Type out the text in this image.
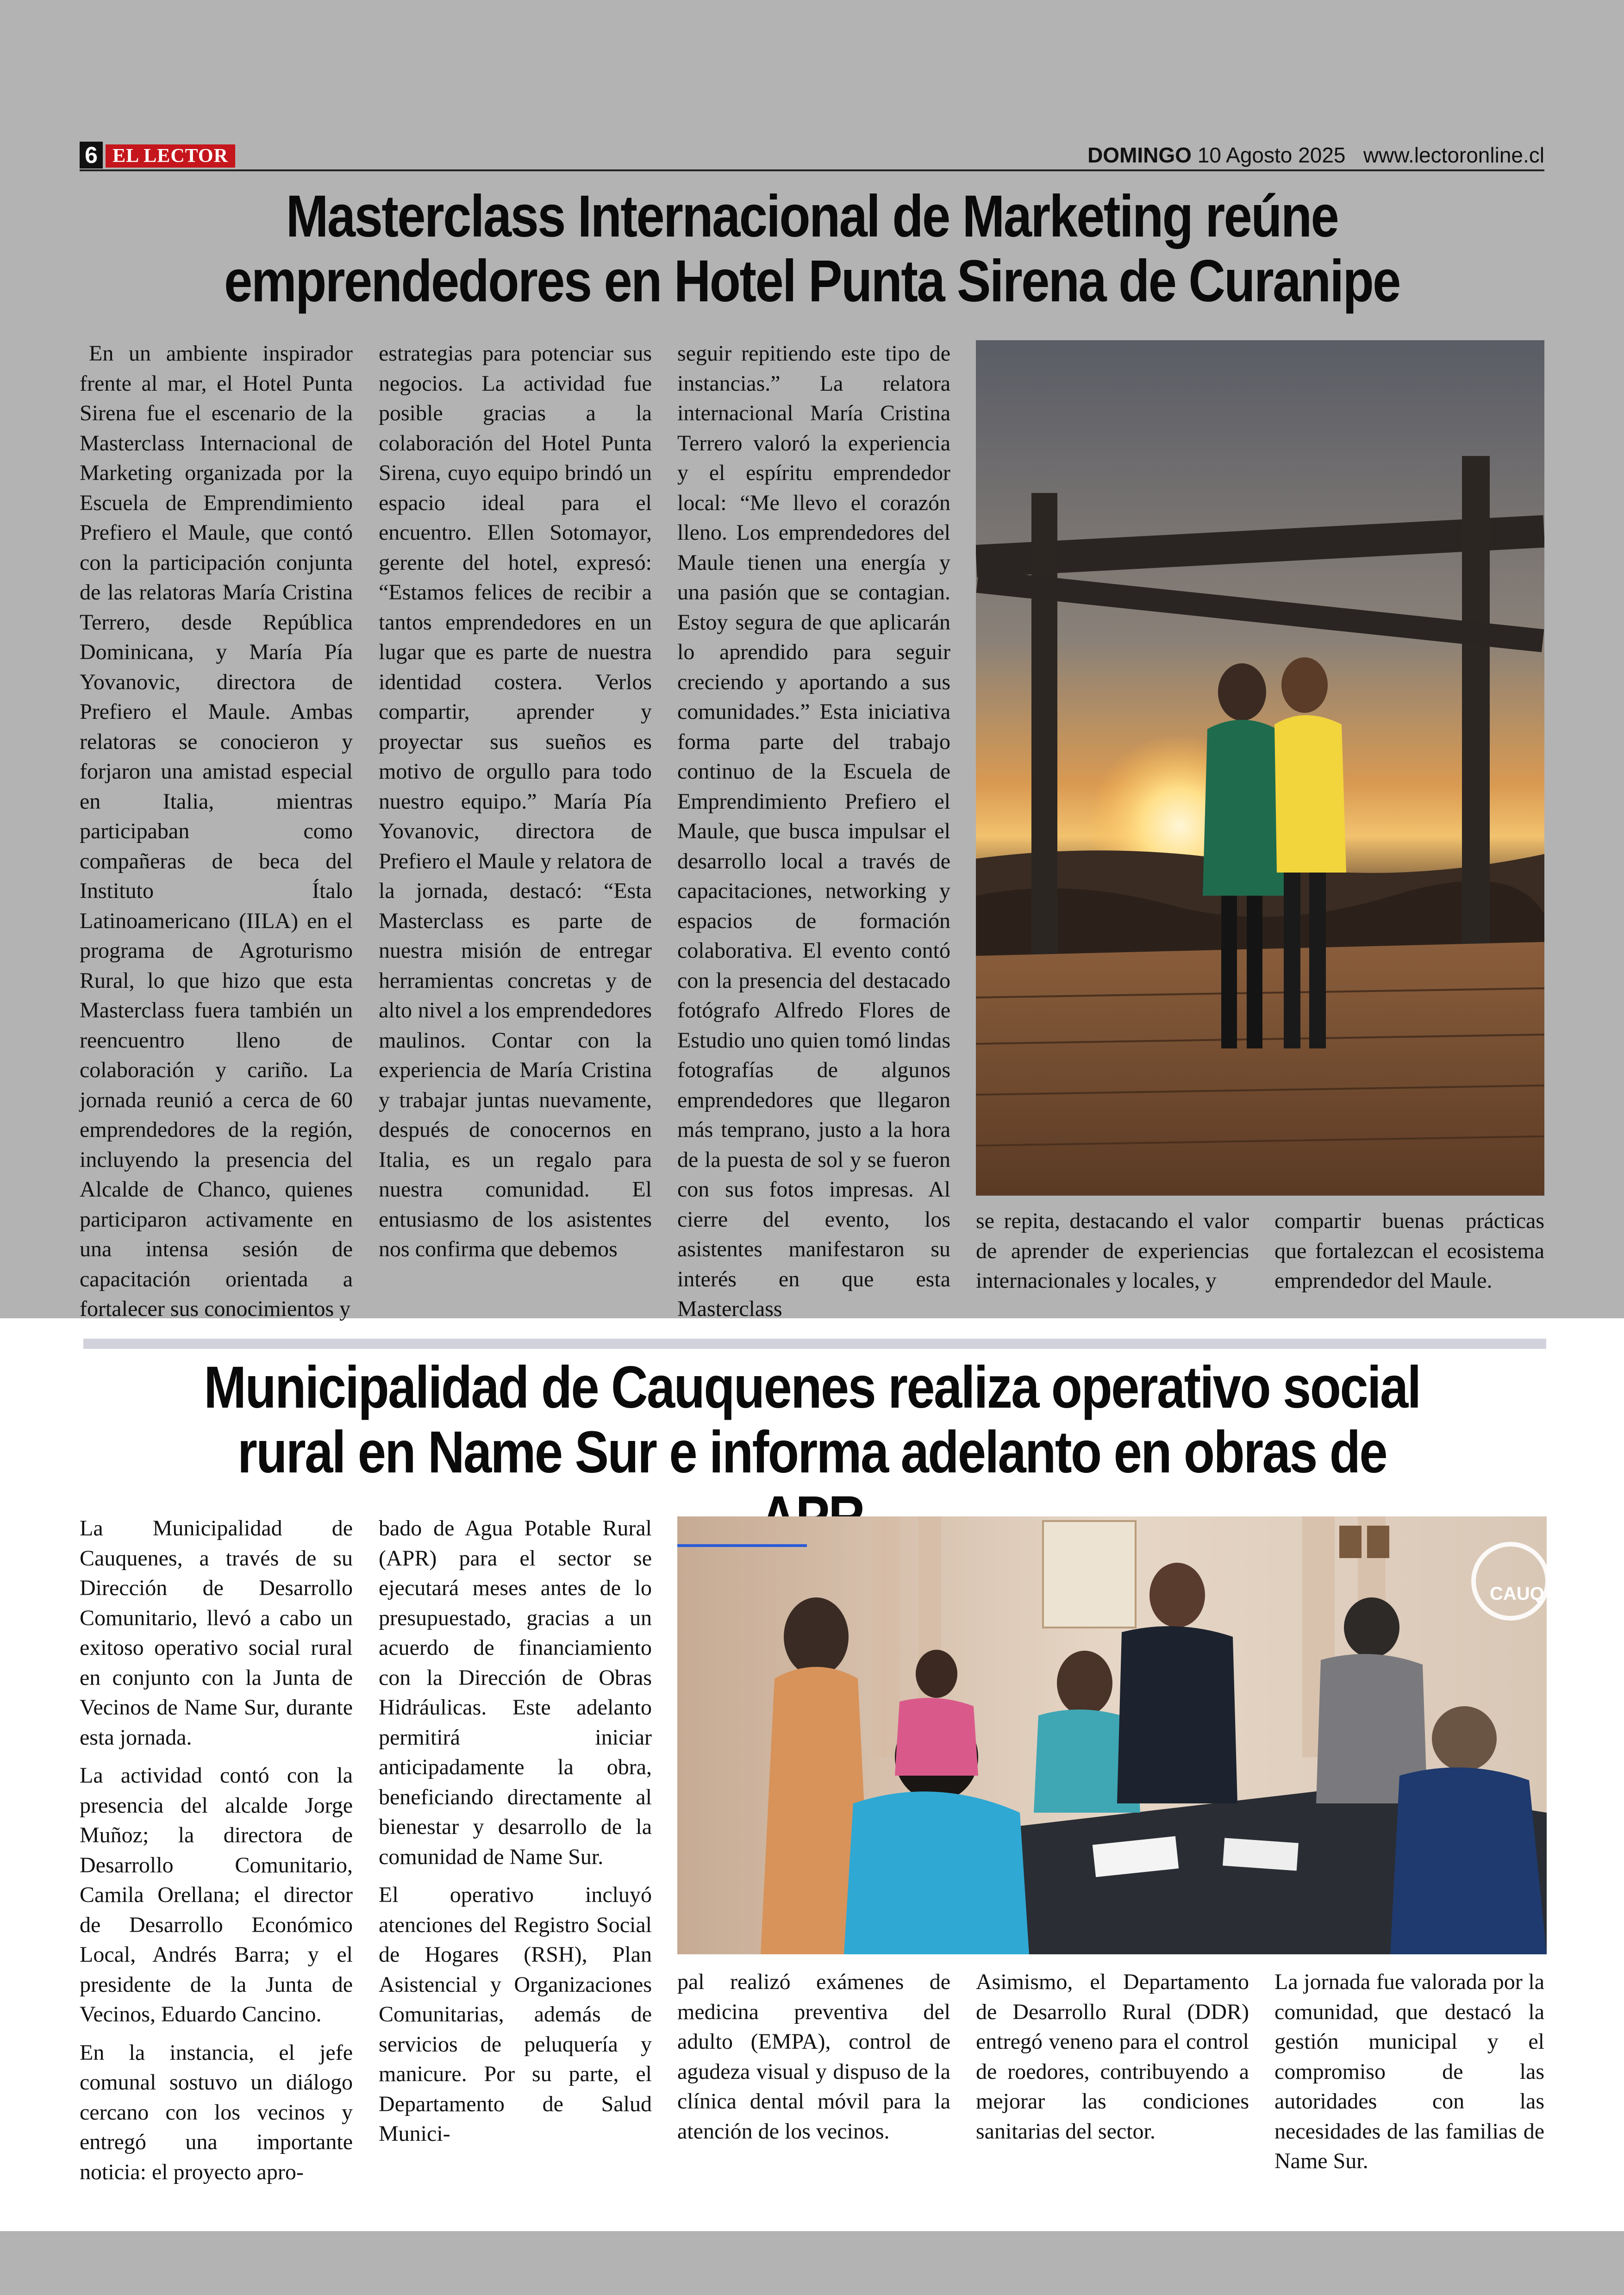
6 EL LECTOR	DOMINGO 10 Agosto 2025 www.lectoronline.cl
Masterclass Internacional de Marketing reúne
emprendedores en Hotel Punta Sirena de Curanipe

En un ambiente inspirador frente al mar, el Hotel Punta Sirena fue el escenario de la Masterclass Internacional de Marketing organizada por la Escuela de Emprendimiento Prefiero el Maule, que contó con la participación conjunta de las relatoras María Cristina Terrero, desde República Dominicana, y María Pía Yovanovic, directora de Prefiero el Maule. Ambas relatoras se conocieron y forjaron una amistad especial en Italia, mientras participaban como compañeras de beca del Instituto Ítalo Latinoamericano (IILA) en el programa de Agroturismo Rural, lo que hizo que esta Masterclass fuera también un reencuentro lleno de colaboración y cariño. La jornada reunió a cerca de 60 emprendedores de la región, incluyendo la presencia del Alcalde de Chanco, quienes participaron activamente en una intensa sesión de capacitación orientada a fortalecer sus conocimientos y

estrategias para potenciar sus negocios. La actividad fue posible gracias a la colaboración del Hotel Punta Sirena, cuyo equipo brindó un espacio ideal para el encuentro. Ellen Sotomayor, gerente del hotel, expresó: “Estamos felices de recibir a tantos emprendedores en un lugar que es parte de nuestra identidad costera. Verlos compartir, aprender y proyectar sus sueños es motivo de orgullo para todo nuestro equipo.” María Pía Yovanovic, directora de Prefiero el Maule y relatora de la jornada, destacó: “Esta Masterclass es parte de nuestra misión de entregar herramientas concretas y de alto nivel a los emprendedores maulinos. Contar con la experiencia de María Cristina y trabajar juntas nuevamente, después de conocernos en Italia, es un regalo para nuestra comunidad. El entusiasmo de los asistentes nos confirma que debemos

seguir repitiendo este tipo de instancias.” La relatora internacional María Cristina Terrero valoró la experiencia y el espíritu emprendedor local: “Me llevo el corazón lleno. Los emprendedores del Maule tienen una energía y una pasión que se contagian. Estoy segura de que aplicarán lo aprendido para seguir creciendo y aportando a sus comunidades.” Esta iniciativa forma parte del trabajo continuo de la Escuela de Emprendimiento Prefiero el Maule, que busca impulsar el desarrollo local a través de capacitaciones, networking y espacios de formación colaborativa. El evento contó con la presencia del destacado fotógrafo Alfredo Flores de Estudio uno quien tomó lindas fotografías de algunos emprendedores que llegaron más temprano, justo a la hora de la puesta de sol y se fueron con sus fotos impresas. Al cierre del evento, los asistentes manifestaron su interés en que esta Masterclass

se repita, destacando el valor de aprender de experiencias internacionales y locales, y

compartir buenas prácticas que fortalezcan el ecosistema emprendedor del Maule.

Municipalidad de Cauquenes realiza operativo social
rural en Name Sur e informa adelanto en obras de

La Municipalidad de Cauquenes, a través de su Dirección de Desarrollo Comunitario, llevó a cabo un exitoso operativo social rural en conjunto con la Junta de Vecinos de Name Sur, durante esta jornada.

La actividad contó con la presencia del alcalde Jorge Muñoz; la directora de Desarrollo Comunitario, Camila Orellana; el director de Desarrollo Económico Local, Andrés Barra; y el presidente de la Junta de Vecinos, Eduardo Cancino.

En la instancia, el jefe comunal sostuvo un diálogo cercano con los vecinos y entregó una importante noticia: el proyecto apro-

bado de Agua Potable Rural (APR) para el sector se ejecutará meses antes de lo presupuestado, gracias a un acuerdo de financiamiento con la Dirección de Obras Hidráulicas. Este adelanto permitirá iniciar anticipadamente la obra, beneficiando directamente al bienestar y desarrollo de la comunidad de Name Sur.

El operativo incluyó atenciones del Registro Social de Hogares (RSH), Plan Asistencial y Organizaciones Comunitarias, además de servicios de peluquería y manicure. Por su parte, el Departamento de Salud Munici-

pal realizó exámenes de medicina preventiva del adulto (EMPA), control de agudeza visual y dispuso de la clínica dental móvil para la atención de los vecinos.

Asimismo, el Departamento de Desarrollo Rural (DDR) entregó veneno para el control de roedores, contribuyendo a mejorar las condiciones sanitarias del sector.

La jornada fue valorada por la comunidad, que destacó la gestión municipal y el compromiso de las autoridades con las necesidades de las familias de Name Sur.

CAUQ
